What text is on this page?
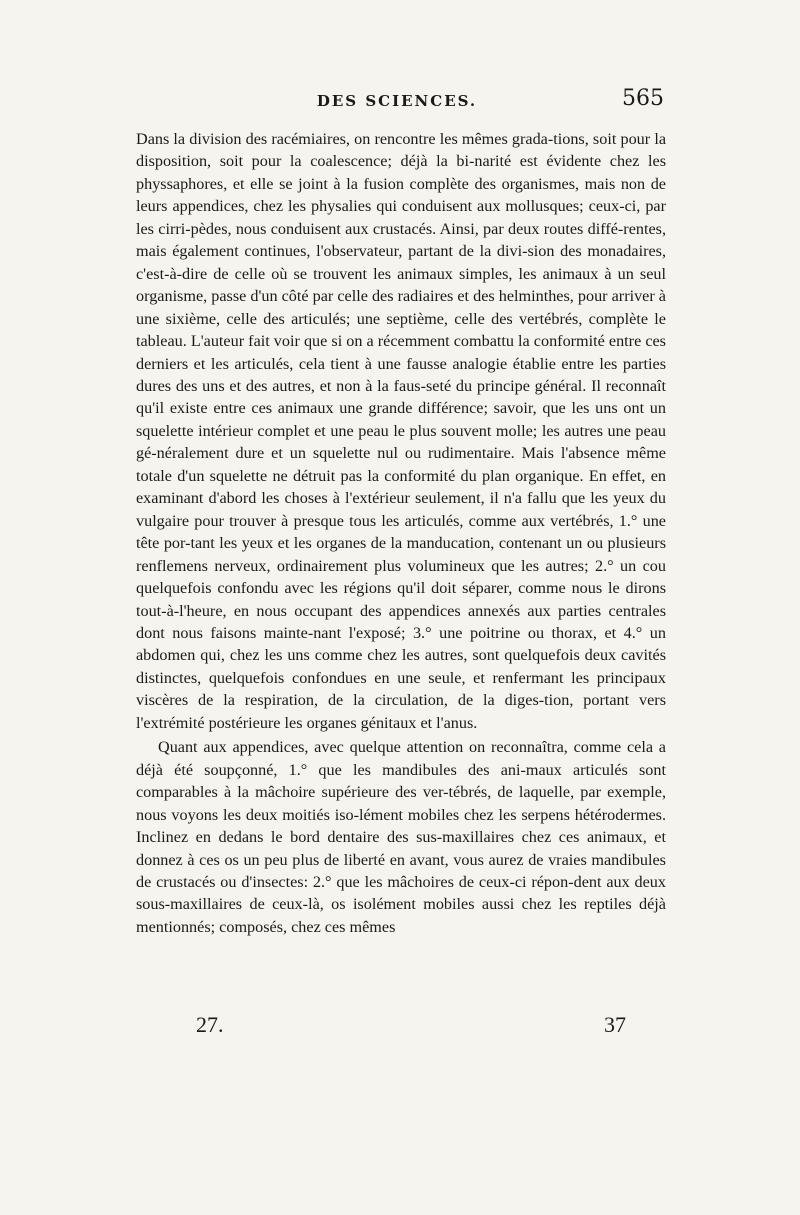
DES SCIENCES.	565

Dans la division des racémiaires, on rencontre les mêmes grada-tions, soit pour la disposition, soit pour la coalescence; déjà la bi-narité est évidente chez les physsaphores, et elle se joint à la fusion complète des organismes, mais non de leurs appendices, chez les physalies qui conduisent aux mollusques; ceux-ci, par les cirri-pèdes, nous conduisent aux crustacés. Ainsi, par deux routes diffé-rentes, mais également continues, l'observateur, partant de la divi-sion des monadaires, c'est-à-dire de celle où se trouvent les animaux simples, les animaux à un seul organisme, passe d'un côté par celle des radiaires et des helminthes, pour arriver à une sixième, celle des articulés; une septième, celle des vertébrés, complète le tableau. L'auteur fait voir que si on a récemment combattu la conformité entre ces derniers et les articulés, cela tient à une fausse analogie établie entre les parties dures des uns et des autres, et non à la faus-seté du principe général. Il reconnaît qu'il existe entre ces animaux une grande différence; savoir, que les uns ont un squelette intérieur complet et une peau le plus souvent molle; les autres une peau gé-néralement dure et un squelette nul ou rudimentaire. Mais l'absence même totale d'un squelette ne détruit pas la conformité du plan organique. En effet, en examinant d'abord les choses à l'extérieur seulement, il n'a fallu que les yeux du vulgaire pour trouver à presque tous les articulés, comme aux vertébrés, 1.° une tête por-tant les yeux et les organes de la manducation, contenant un ou plusieurs renflemens nerveux, ordinairement plus volumineux que les autres; 2.° un cou quelquefois confondu avec les régions qu'il doit séparer, comme nous le dirons tout-à-l'heure, en nous occupant des appendices annexés aux parties centrales dont nous faisons mainte-nant l'exposé; 3.° une poitrine ou thorax, et 4.° un abdomen qui, chez les uns comme chez les autres, sont quelquefois deux cavités distinctes, quelquefois confondues en une seule, et renfermant les principaux viscères de la respiration, de la circulation, de la diges-tion, portant vers l'extrémité postérieure les organes génitaux et l'anus.

Quant aux appendices, avec quelque attention on reconnaîtra, comme cela a déjà été soupçonné, 1.° que les mandibules des ani-maux articulés sont comparables à la mâchoire supérieure des ver-tébrés, de laquelle, par exemple, nous voyons les deux moitiés iso-lément mobiles chez les serpens hétérodermes. Inclinez en dedans le bord dentaire des sus-maxillaires chez ces animaux, et donnez à ces os un peu plus de liberté en avant, vous aurez de vraies mandibules de crustacés ou d'insectes: 2.° que les mâchoires de ceux-ci répon-dent aux deux sous-maxillaires de ceux-là, os isolément mobiles aussi chez les reptiles déjà mentionnés; composés, chez ces mêmes

27.	37
